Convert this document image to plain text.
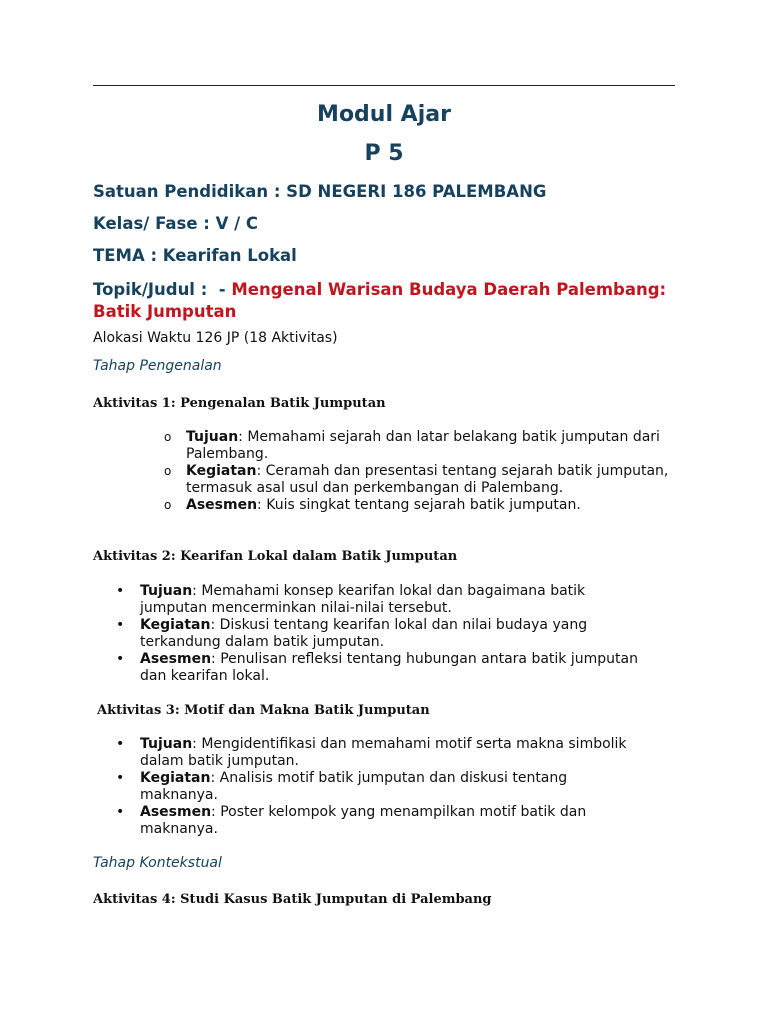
Modul Ajar
P 5
Satuan Pendidikan : SD NEGERI 186 PALEMBANG
Kelas/ Fase : V / C
TEMA : Kearifan Lokal
Topik/Judul :  - Mengenal Warisan Budaya Daerah Palembang: Batik Jumputan
Alokasi Waktu 126 JP (18 Aktivitas)
Tahap Pengenalan
Aktivitas 1: Pengenalan Batik Jumputan
o Tujuan: Memahami sejarah dan latar belakang batik jumputan dari Palembang.
o Kegiatan: Ceramah dan presentasi tentang sejarah batik jumputan, termasuk asal usul dan perkembangan di Palembang.
o Asesmen: Kuis singkat tentang sejarah batik jumputan.
Aktivitas 2: Kearifan Lokal dalam Batik Jumputan
• Tujuan: Memahami konsep kearifan lokal dan bagaimana batik jumputan mencerminkan nilai-nilai tersebut.
• Kegiatan: Diskusi tentang kearifan lokal dan nilai budaya yang terkandung dalam batik jumputan.
• Asesmen: Penulisan refleksi tentang hubungan antara batik jumputan dan kearifan lokal.
Aktivitas 3: Motif dan Makna Batik Jumputan
• Tujuan: Mengidentifikasi dan memahami motif serta makna simbolik dalam batik jumputan.
• Kegiatan: Analisis motif batik jumputan dan diskusi tentang maknanya.
• Asesmen: Poster kelompok yang menampilkan motif batik dan maknanya.
Tahap Kontekstual
Aktivitas 4: Studi Kasus Batik Jumputan di Palembang
